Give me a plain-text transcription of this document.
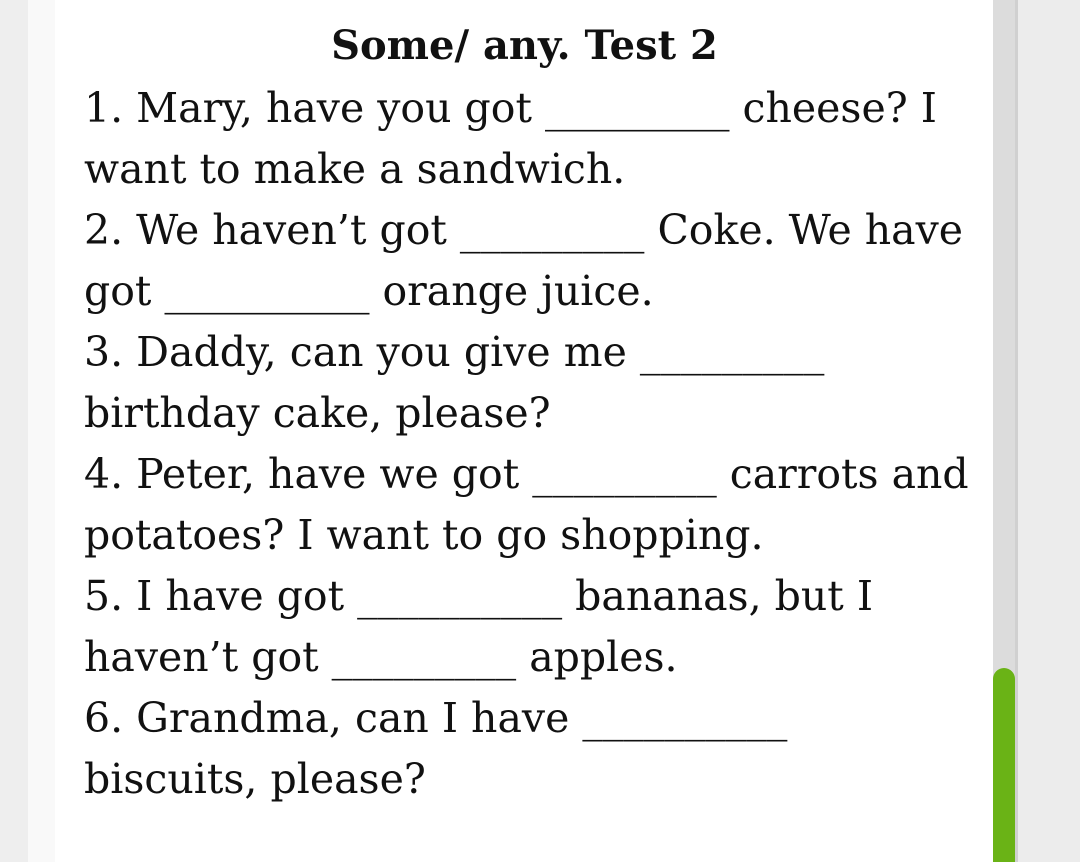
Some/ any. Test 2
1. Mary, have you got _________ cheese? I
want to make a sandwich.
2. We haven’t got _________ Coke. We have
got __________ orange juice.
3. Daddy, can you give me _________
birthday cake, please?
4. Peter, have we got _________ carrots and
potatoes? I want to go shopping.
5. I have got __________ bananas, but I
haven’t got _________ apples.
6. Grandma, can I have __________
biscuits, please?
